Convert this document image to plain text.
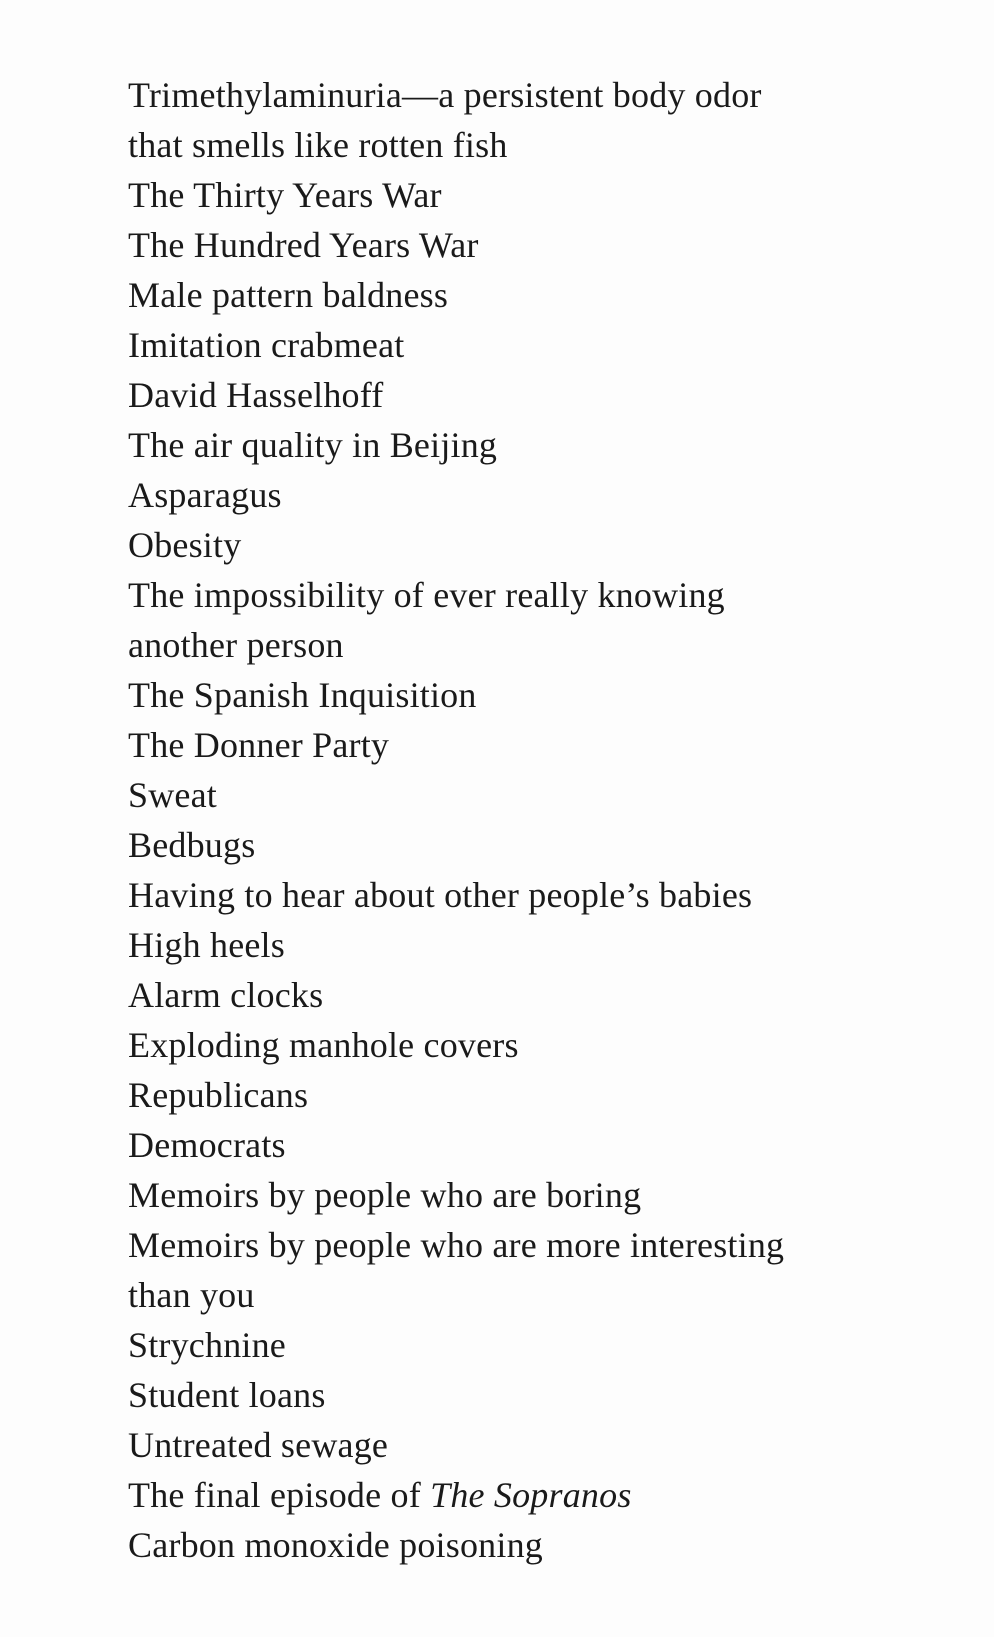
Trimethylaminuria—a persistent body odor
that smells like rotten fish
The Thirty Years War
The Hundred Years War
Male pattern baldness
Imitation crabmeat
David Hasselhoff
The air quality in Beijing
Asparagus
Obesity
The impossibility of ever really knowing
another person
The Spanish Inquisition
The Donner Party
Sweat
Bedbugs
Having to hear about other people’s babies
High heels
Alarm clocks
Exploding manhole covers
Republicans
Democrats
Memoirs by people who are boring
Memoirs by people who are more interesting
than you
Strychnine
Student loans
Untreated sewage
The final episode of The Sopranos
Carbon monoxide poisoning
